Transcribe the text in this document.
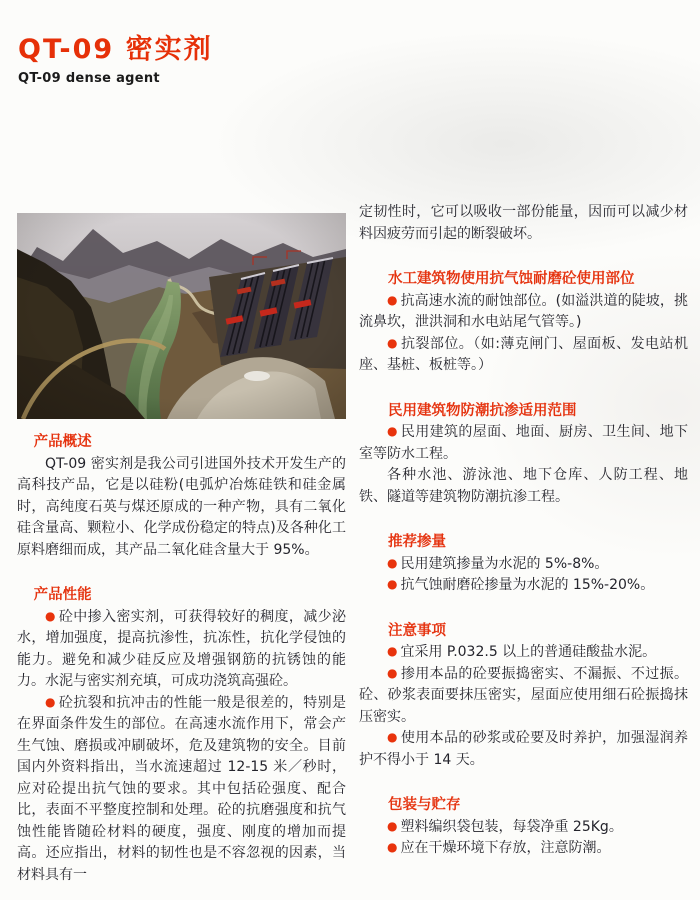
QT-09 密实剂
QT-09 dense agent
产品概述

QT-09 密实剂是我公司引进国外技术开发生产的高科技产品，它是以硅粉(电弧炉冶炼硅铁和硅金属时，高纯度石英与煤还原成的一种产物，具有二氧化硅含量高、颗粒小、化学成份稳定的特点)及各种化工原料磨细而成，其产品二氧化硅含量大于 95%。

产品性能

● 砼中掺入密实剂，可获得较好的稠度，减少泌水，增加强度，提高抗渗性，抗冻性，抗化学侵蚀的能力。避免和减少硅反应及增强钢筋的抗锈蚀的能力。水泥与密实剂充填，可成功浇筑高强砼。

● 砼抗裂和抗冲击的性能一般是很差的，特别是在界面条件发生的部位。在高速水流作用下，常会产生气蚀、磨损或冲刷破坏，危及建筑物的安全。目前国内外资料指出，当水流速超过 12-15 米／秒时，应对砼提出抗气蚀的要求。其中包括砼强度、配合比，表面不平整度控制和处理。砼的抗磨强度和抗气蚀性能皆随砼材料的硬度，强度、刚度的增加而提高。还应指出，材料的韧性也是不容忽视的因素，当材料具有一

定韧性时，它可以吸收一部份能量，因而可以减少材料因疲劳而引起的断裂破坏。

水工建筑物使用抗气蚀耐磨砼使用部位

● 抗高速水流的耐蚀部位。(如溢洪道的陡坡，挑流鼻坎，泄洪洞和水电站尾气管等。)

● 抗裂部位。（如:薄克闸门、屋面板、发电站机座、基桩、板桩等。）

民用建筑物防潮抗渗适用范围

● 民用建筑的屋面、地面、厨房、卫生间、地下室等防水工程。

各种水池、游泳池、地下仓库、人防工程、地铁、隧道等建筑物防潮抗渗工程。

推荐掺量

● 民用建筑掺量为水泥的 5%-8%。

● 抗气蚀耐磨砼掺量为水泥的 15%-20%。

注意事项

● 宜采用 P.032.5 以上的普通硅酸盐水泥。

● 掺用本品的砼要振捣密实、不漏振、不过振。砼、砂浆表面要抹压密实，屋面应使用细石砼振捣抹压密实。

● 使用本品的砂浆或砼要及时养护，加强湿润养护不得小于 14 天。

包装与贮存

● 塑料编织袋包装，每袋净重 25Kg。

● 应在干燥环境下存放，注意防潮。
